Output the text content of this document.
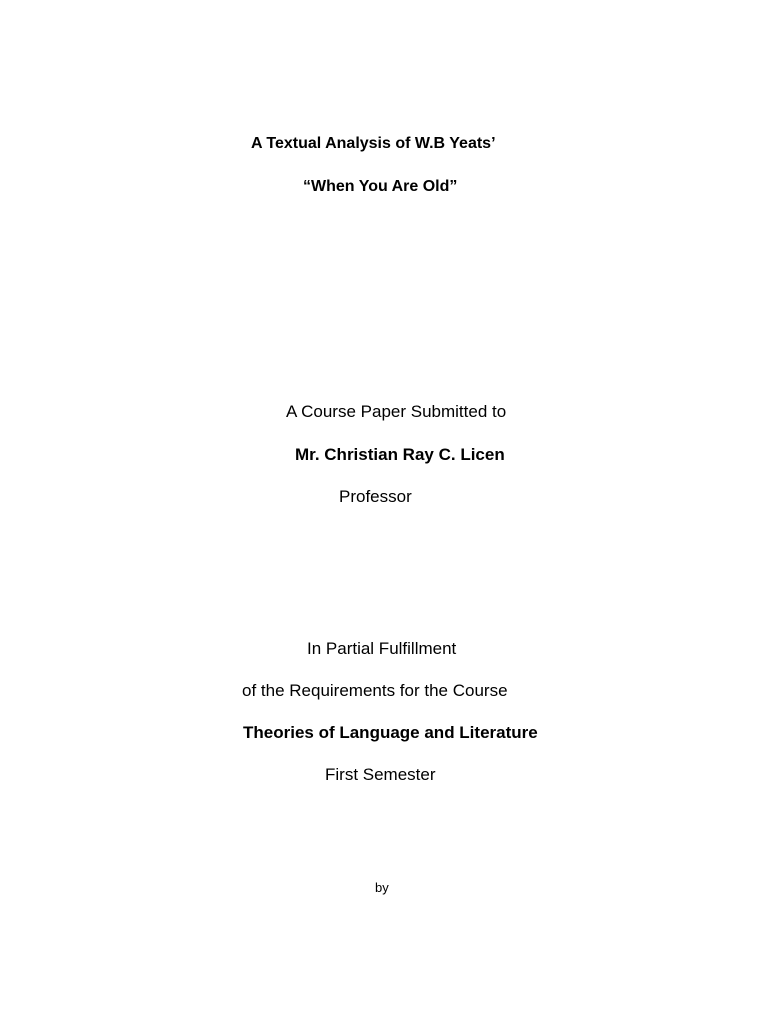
A Textual Analysis of W.B Yeats’
“When You Are Old”
A Course Paper Submitted to
Mr. Christian Ray C. Licen
Professor
In Partial Fulfillment
of the Requirements for the Course
Theories of Language and Literature
First Semester
by
